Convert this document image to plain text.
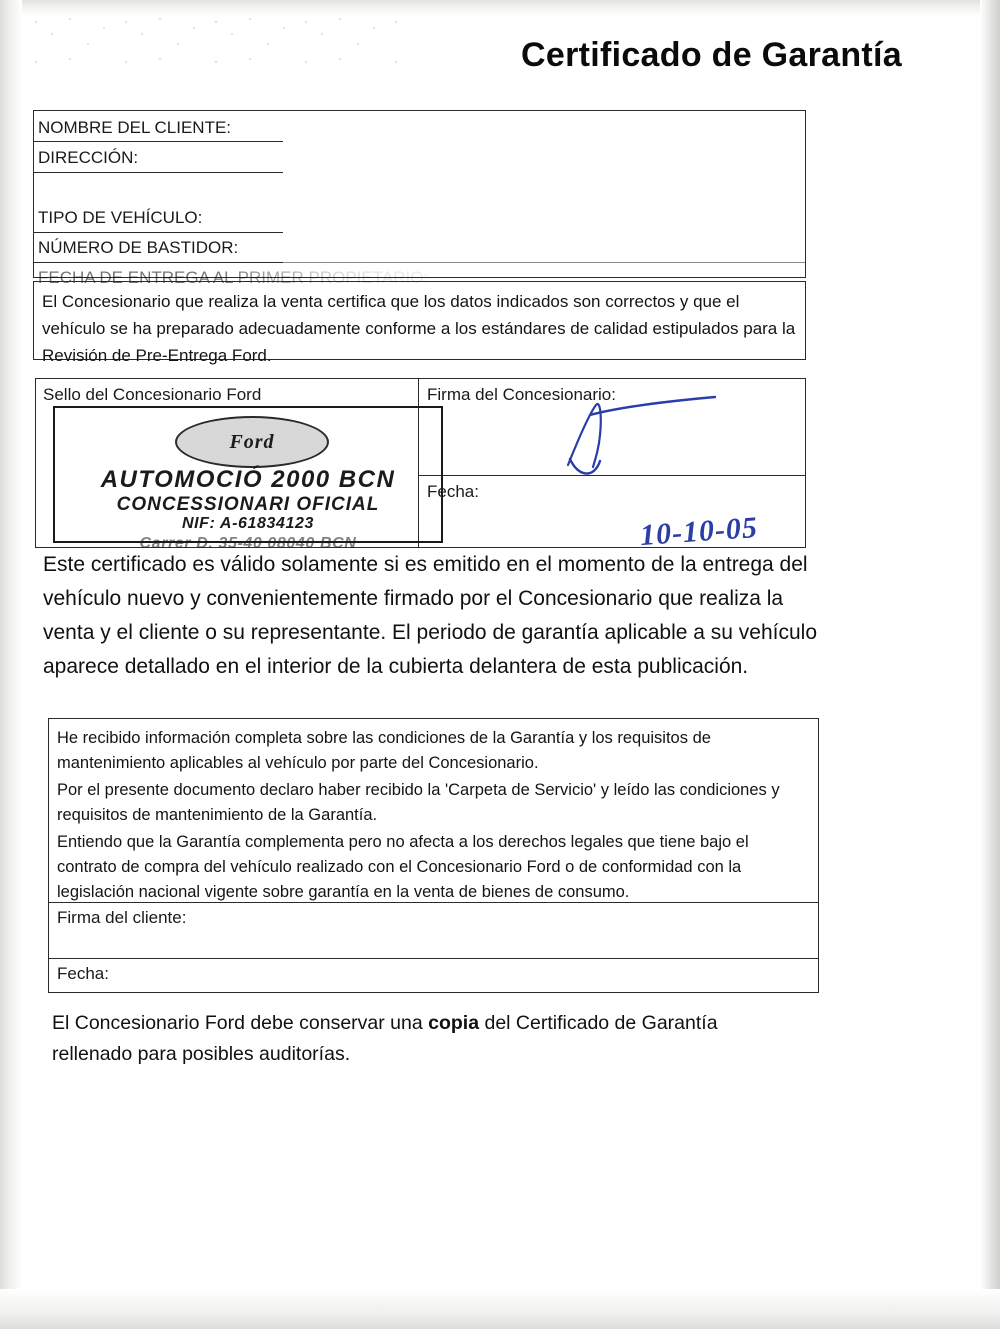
Certificado de Garantía
NOMBRE DEL CLIENTE:
DIRECCIÓN:
TIPO DE VEHÍCULO:
NÚMERO DE BASTIDOR:
FECHA DE ENTREGA AL PRIMER PROPIETARIO:
El Concesionario que realiza la venta certifica que los datos indicados son correctos y que el vehículo se ha preparado adecuadamente conforme a los estándares de calidad estipulados para la Revisión de Pre-Entrega Ford.
Sello del Concesionario Ford	Firma del Concesionario:
Fecha:
10-10-05
Ford
AUTOMOCIÓ 2000 BCN
CONCESSIONARI OFICIAL
NIF: A-61834123
Carrer D. 35-40 08040 BCN
Este certificado es válido solamente si es emitido en el momento de la entrega del vehículo nuevo y convenientemente firmado por el Concesionario que realiza la venta y el cliente o su representante. El periodo de garantía aplicable a su vehículo aparece detallado en el interior de la cubierta delantera de esta publicación.
He recibido información completa sobre las condiciones de la Garantía y los requisitos de mantenimiento aplicables al vehículo por parte del Concesionario.
Por el presente documento declaro haber recibido la 'Carpeta de Servicio' y leído las condiciones y requisitos de mantenimiento de la Garantía.
Entiendo que la Garantía complementa pero no afecta a los derechos legales que tiene bajo el contrato de compra del vehículo realizado con el Concesionario Ford o de conformidad con la legislación nacional vigente sobre garantía en la venta de bienes de consumo.
Firma del cliente:
Fecha:
El Concesionario Ford debe conservar una copia del Certificado de Garantía rellenado para posibles auditorías.
